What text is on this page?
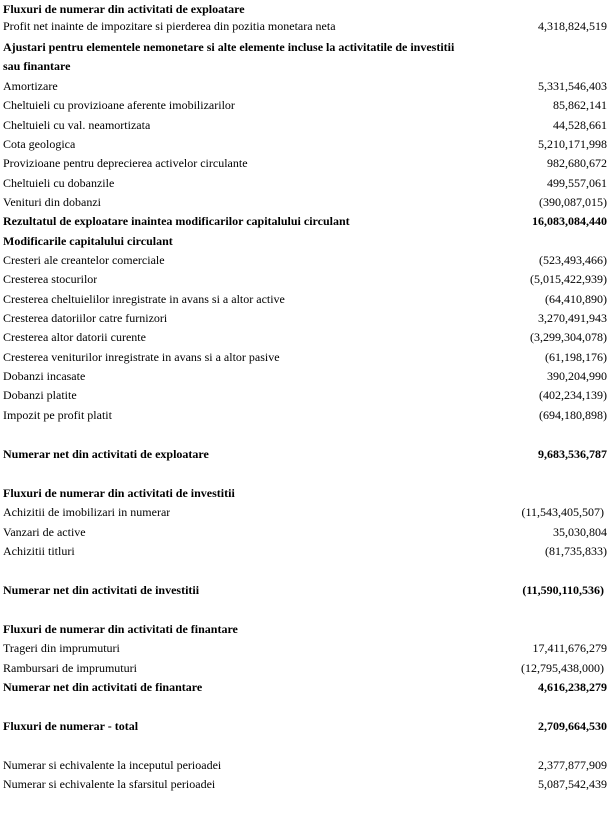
Fluxuri de numerar din activitati de exploatare
Profit net inainte de impozitare si pierderea din pozitia monetara neta	4,318,824,519
Ajustari pentru elementele nemonetare si alte elemente incluse la activitatile de investitii sau finantare
Amortizare	5,331,546,403
Cheltuieli cu provizioane aferente imobilizarilor	85,862,141
Cheltuieli cu val. neamortizata	44,528,661
Cota geologica	5,210,171,998
Provizioane pentru deprecierea activelor circulante	982,680,672
Cheltuieli cu dobanzile	499,557,061
Venituri din dobanzi	(390,087,015)
Rezultatul de exploatare inaintea modificarilor capitalului circulant	16,083,084,440
Modificarile capitalului circulant
Cresteri ale creantelor comerciale	(523,493,466)
Cresterea stocurilor	(5,015,422,939)
Cresterea cheltuielilor inregistrate in avans si a altor active	(64,410,890)
Cresterea datoriilor catre furnizori	3,270,491,943
Cresterea altor datorii curente	(3,299,304,078)
Cresterea veniturilor inregistrate in avans si a altor pasive	(61,198,176)
Dobanzi incasate	390,204,990
Dobanzi platite	(402,234,139)
Impozit pe profit platit	(694,180,898)
Numerar net din activitati de exploatare	9,683,536,787
Fluxuri de numerar din activitati de investitii
Achizitii de imobilizari in numerar	(11,543,405,507)
Vanzari de active	35,030,804
Achizitii titluri	(81,735,833)
Numerar net din activitati de investitii	(11,590,110,536)
Fluxuri de numerar din activitati de finantare
Trageri din imprumuturi	17,411,676,279
Rambursari de imprumuturi	(12,795,438,000)
Numerar net din activitati de finantare	4,616,238,279
Fluxuri de numerar - total	2,709,664,530
Numerar si echivalente la inceputul perioadei	2,377,877,909
Numerar si echivalente la sfarsitul perioadei	5,087,542,439
